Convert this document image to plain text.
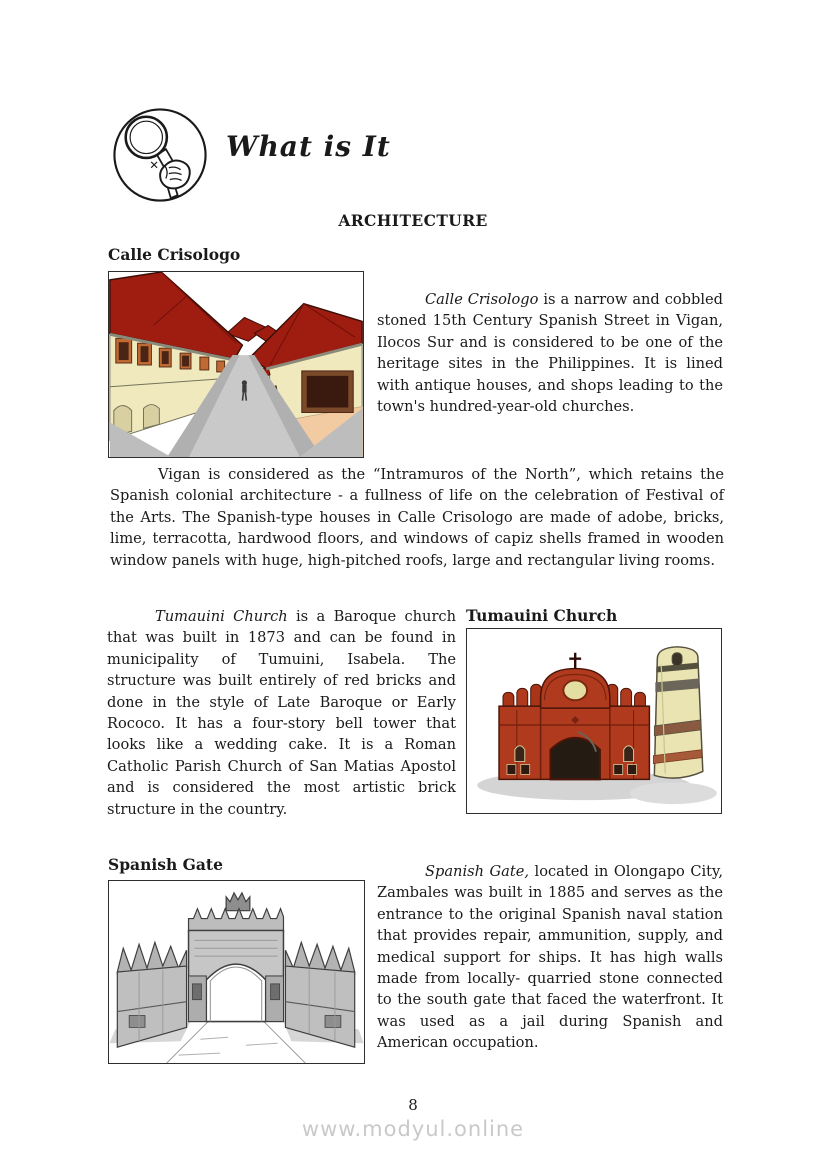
What is It
ARCHITECTURE
Calle Crisologo

Calle Crisologo is a narrow and cobbled stoned 15th Century Spanish Street in Vigan, Ilocos Sur and is considered to be one of the heritage sites in the Philippines. It is lined with antique houses, and shops leading to the town's hundred-year-old churches.

Vigan is considered as the “Intramuros of the North”, which retains the Spanish colonial architecture - a fullness of life on the celebration of Festival of the Arts. The Spanish-type houses in Calle Crisologo are made of adobe, bricks, lime, terracotta, hardwood floors, and windows of capiz shells framed in wooden window panels with huge, high-pitched roofs, large and rectangular living rooms.

Tumauini Church is a Baroque church that was built in 1873 and can be found in municipality of Tumuini, Isabela. The structure was built entirely of red bricks and done in the style of Late Baroque or Early Rococo. It has a four-story bell tower that looks like a wedding cake. It is a Roman Catholic Parish Church of San Matias Apostol and is considered the most artistic brick structure in the country.

Tumauini Church
Spanish Gate	Spanish Gate, located in Olongapo City, Zambales was built in 1885 and serves as the entrance to the original Spanish naval station that provides repair, ammunition, supply, and medical support for ships. It has high walls made from locally- quarried stone connected to the south gate that faced the waterfront. It was used as a jail during Spanish and American occupation.

8
www.modyul.online
